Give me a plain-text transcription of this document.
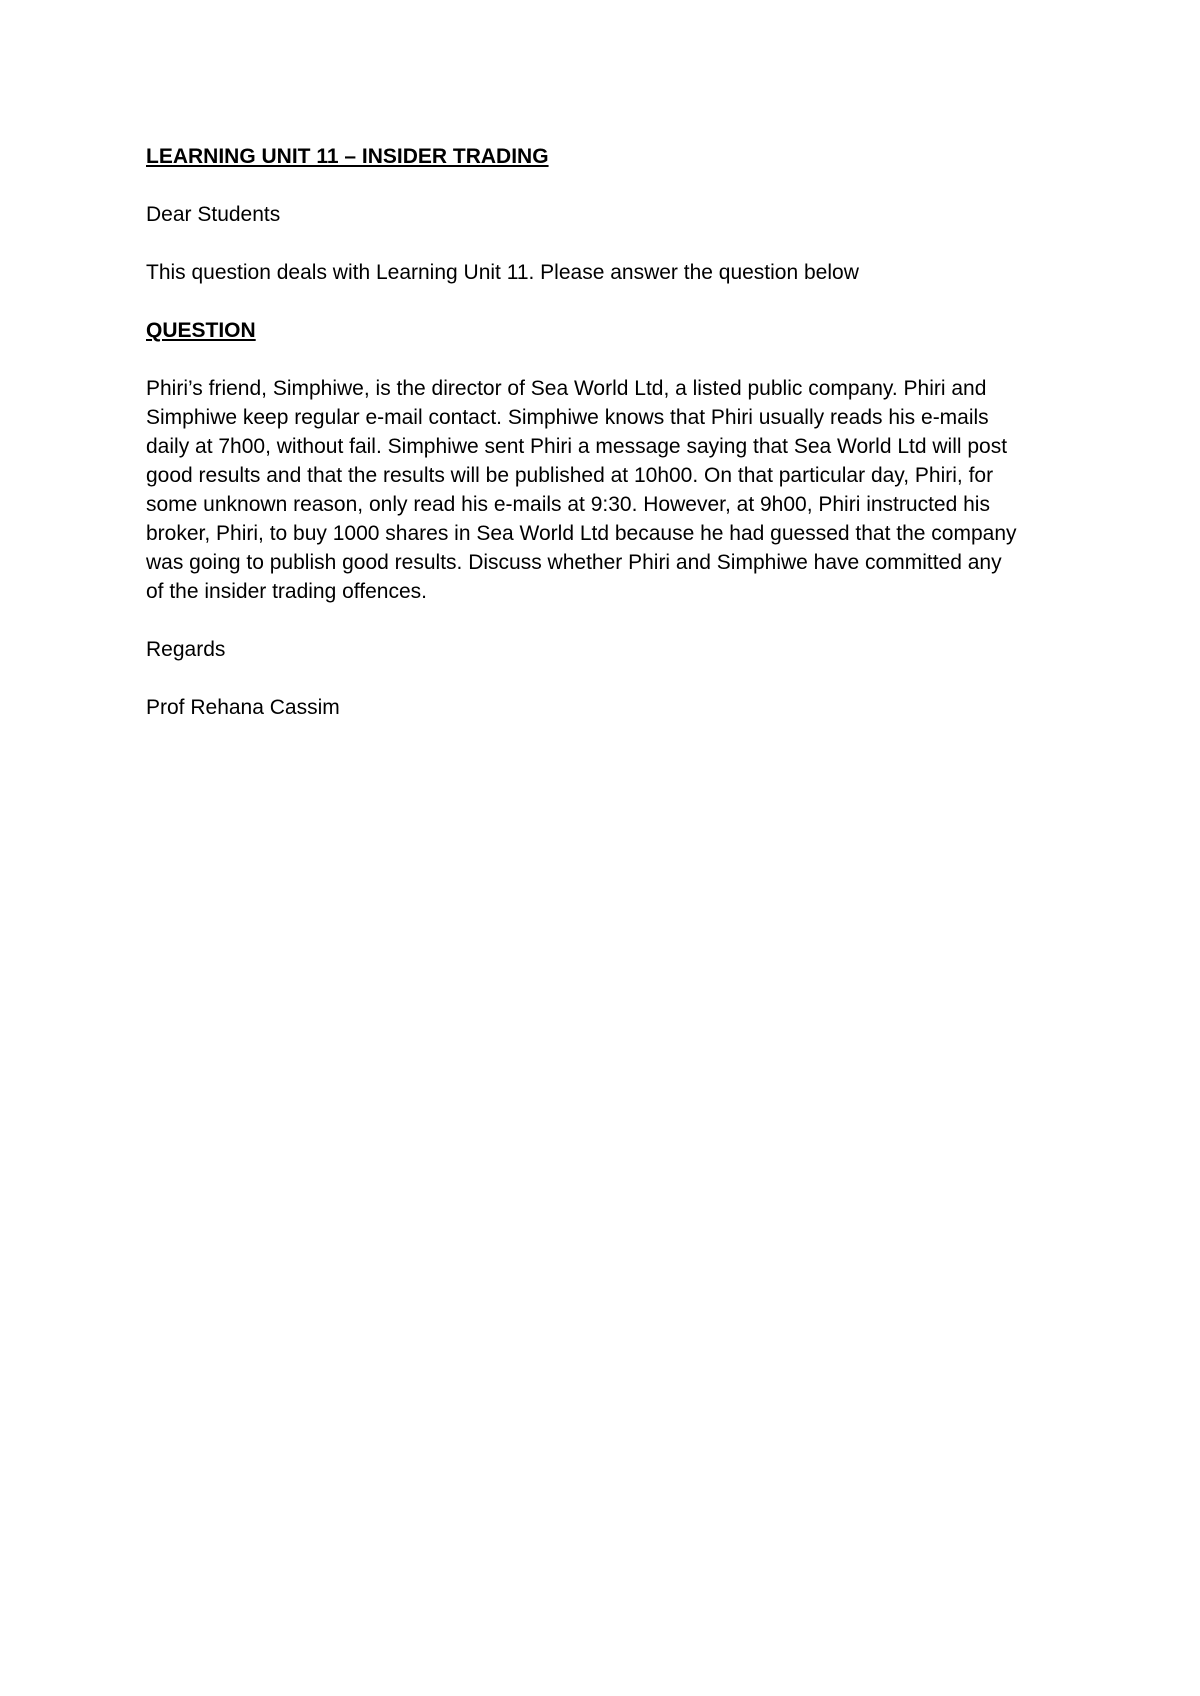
LEARNING UNIT 11 – INSIDER TRADING
Dear Students
This question deals with Learning Unit 11. Please answer the question below
QUESTION
Phiri’s friend, Simphiwe, is the director of Sea World Ltd, a listed public company. Phiri and
Simphiwe keep regular e-mail contact. Simphiwe knows that Phiri usually reads his e-mails
daily at 7h00, without fail. Simphiwe sent Phiri a message saying that Sea World Ltd will post
good results and that the results will be published at 10h00. On that particular day, Phiri, for
some unknown reason, only read his e-mails at 9:30. However, at 9h00, Phiri instructed his
broker, Phiri, to buy 1000 shares in Sea World Ltd because he had guessed that the company
was going to publish good results. Discuss whether Phiri and Simphiwe have committed any
of the insider trading offences.
Regards
Prof Rehana Cassim
